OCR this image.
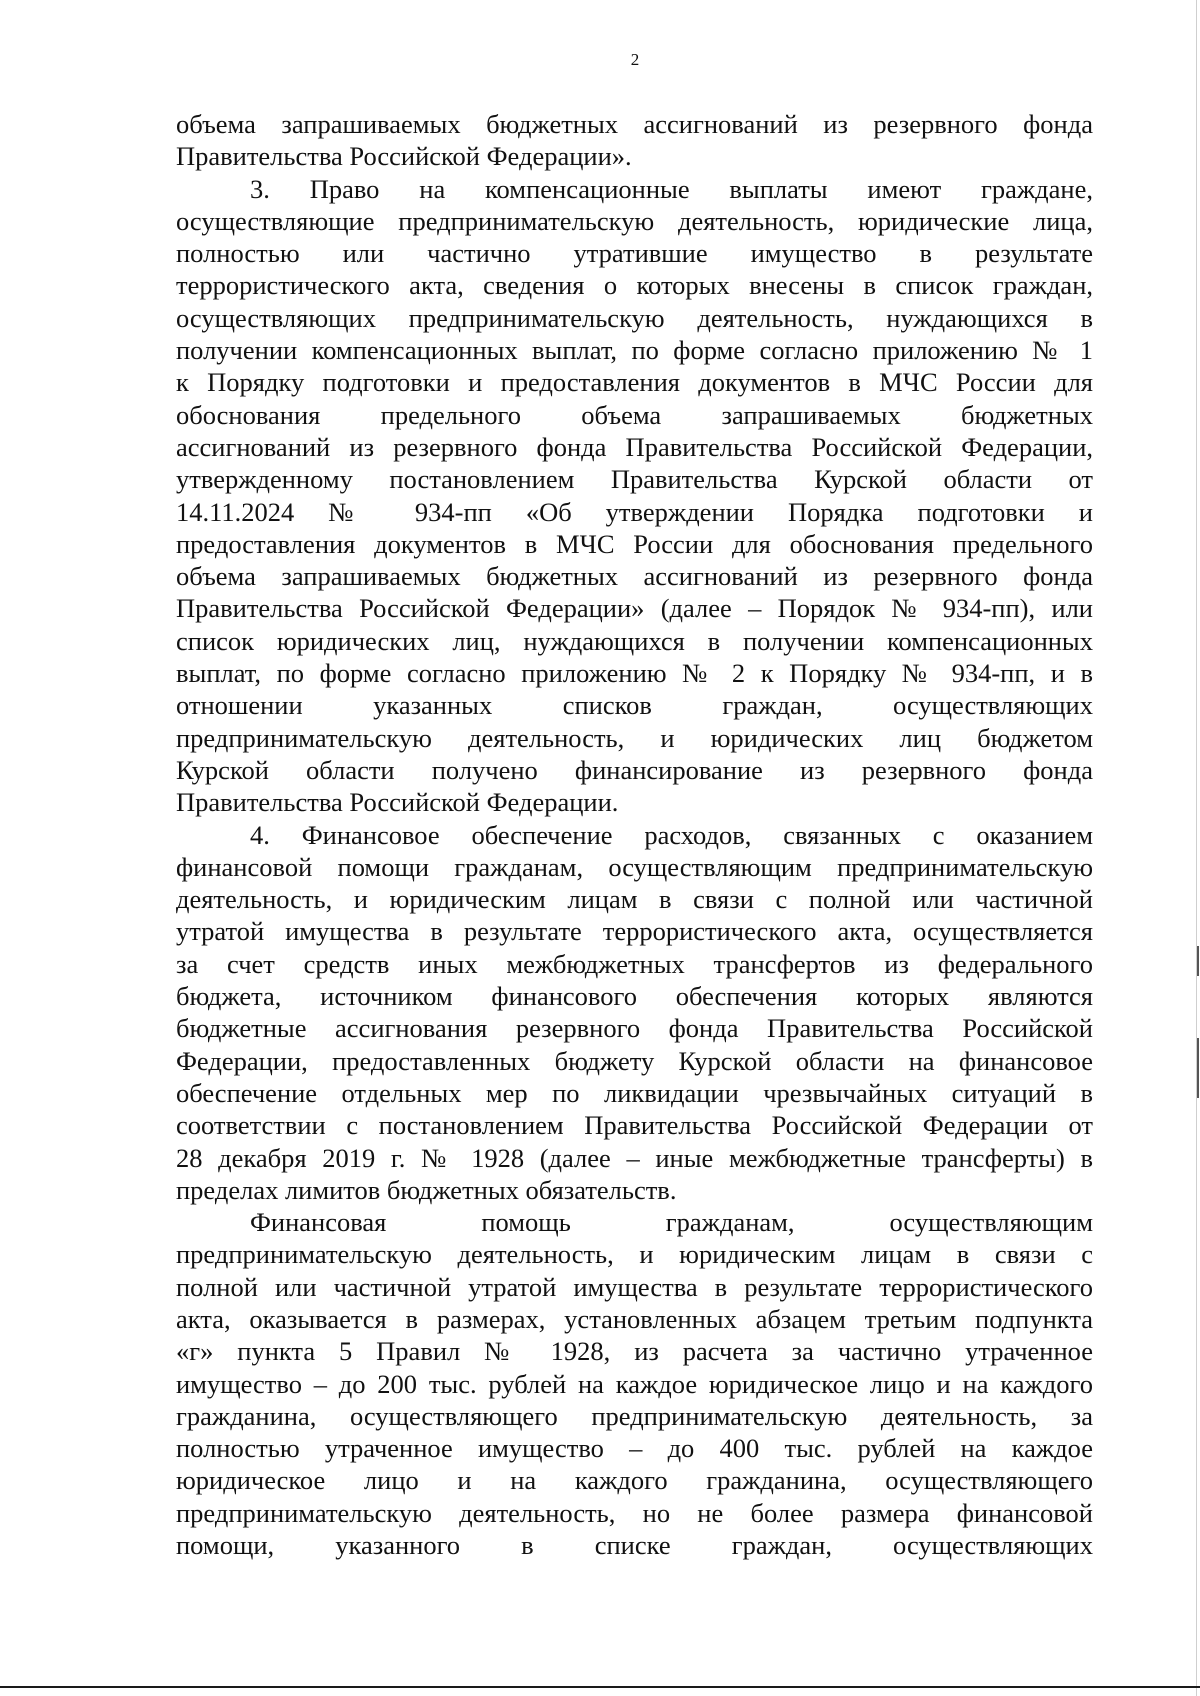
2
объема запрашиваемых бюджетных ассигнований из резервного фонда
Правительства Российской Федерации».
3. Право на компенсационные выплаты имеют граждане,
осуществляющие предпринимательскую деятельность, юридические лица,
полностью или частично утратившие имущество в результате
террористического акта, сведения о которых внесены в список граждан,
осуществляющих предпринимательскую деятельность, нуждающихся в
получении компенсационных выплат, по форме согласно приложению № 1
к Порядку подготовки и предоставления документов в МЧС России для
обоснования предельного объема запрашиваемых бюджетных
ассигнований из резервного фонда Правительства Российской Федерации,
утвержденному постановлением Правительства Курской области от
14.11.2024 № 934-пп «Об утверждении Порядка подготовки и
предоставления документов в МЧС России для обоснования предельного
объема запрашиваемых бюджетных ассигнований из резервного фонда
Правительства Российской Федерации» (далее – Порядок № 934-пп), или
список юридических лиц, нуждающихся в получении компенсационных
выплат, по форме согласно приложению № 2 к Порядку № 934-пп, и в
отношении указанных списков граждан, осуществляющих
предпринимательскую деятельность, и юридических лиц бюджетом
Курской области получено финансирование из резервного фонда
Правительства Российской Федерации.
4. Финансовое обеспечение расходов, связанных с оказанием
финансовой помощи гражданам, осуществляющим предпринимательскую
деятельность, и юридическим лицам в связи с полной или частичной
утратой имущества в результате террористического акта, осуществляется
за счет средств иных межбюджетных трансфертов из федерального
бюджета, источником финансового обеспечения которых являются
бюджетные ассигнования резервного фонда Правительства Российской
Федерации, предоставленных бюджету Курской области на финансовое
обеспечение отдельных мер по ликвидации чрезвычайных ситуаций в
соответствии с постановлением Правительства Российской Федерации от
28 декабря 2019 г. № 1928 (далее – иные межбюджетные трансферты) в
пределах лимитов бюджетных обязательств.
Финансовая помощь гражданам, осуществляющим
предпринимательскую деятельность, и юридическим лицам в связи с
полной или частичной утратой имущества в результате террористического
акта, оказывается в размерах, установленных абзацем третьим подпункта
«г» пункта 5 Правил № 1928, из расчета за частично утраченное
имущество – до 200 тыс. рублей на каждое юридическое лицо и на каждого
гражданина, осуществляющего предпринимательскую деятельность, за
полностью утраченное имущество – до 400 тыс. рублей на каждое
юридическое лицо и на каждого гражданина, осуществляющего
предпринимательскую деятельность, но не более размера финансовой
помощи, указанного в списке граждан, осуществляющих
